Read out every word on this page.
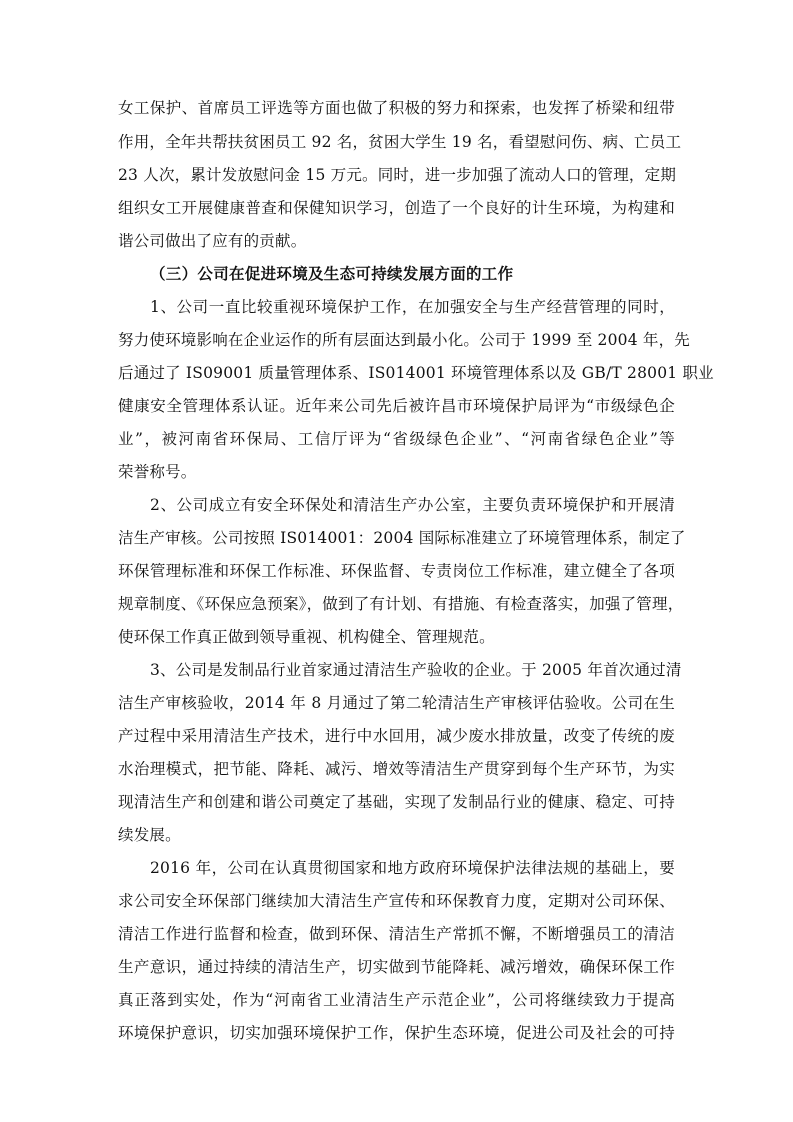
女工保护、首席员工评选等方面也做了积极的努力和探索，也发挥了桥梁和纽带
作用，全年共帮扶贫困员工 92 名，贫困大学生 19 名，看望慰问伤、病、亡员工
23 人次，累计发放慰问金 15 万元。同时，进一步加强了流动人口的管理，定期
组织女工开展健康普查和保健知识学习，创造了一个良好的计生环境，为构建和
谐公司做出了应有的贡献。
（三）公司在促进环境及生态可持续发展方面的工作
1、公司一直比较重视环境保护工作，在加强安全与生产经营管理的同时，
努力使环境影响在企业运作的所有层面达到最小化。公司于 1999 至 2004 年，先
后通过了 IS09001 质量管理体系、IS014001 环境管理体系以及 GB/T 28001 职业
健康安全管理体系认证。近年来公司先后被许昌市环境保护局评为“市级绿色企
业”，被河南省环保局、工信厅评为“省级绿色企业”、“河南省绿色企业”等
荣誉称号。
2、公司成立有安全环保处和清洁生产办公室，主要负责环境保护和开展清
洁生产审核。公司按照 IS014001：2004 国际标准建立了环境管理体系，制定了
环保管理标准和环保工作标准、环保监督、专责岗位工作标准，建立健全了各项
规章制度、《环保应急预案》，做到了有计划、有措施、有检查落实，加强了管理，
使环保工作真正做到领导重视、机构健全、管理规范。
3、公司是发制品行业首家通过清洁生产验收的企业。于 2005 年首次通过清
洁生产审核验收，2014 年 8 月通过了第二轮清洁生产审核评估验收。公司在生
产过程中采用清洁生产技术，进行中水回用，减少废水排放量，改变了传统的废
水治理模式，把节能、降耗、减污、增效等清洁生产贯穿到每个生产环节，为实
现清洁生产和创建和谐公司奠定了基础，实现了发制品行业的健康、稳定、可持
续发展。
2016 年，公司在认真贯彻国家和地方政府环境保护法律法规的基础上，要
求公司安全环保部门继续加大清洁生产宣传和环保教育力度，定期对公司环保、
清洁工作进行监督和检查，做到环保、清洁生产常抓不懈，不断增强员工的清洁
生产意识，通过持续的清洁生产，切实做到节能降耗、减污增效，确保环保工作
真正落到实处，作为“河南省工业清洁生产示范企业”，公司将继续致力于提高
环境保护意识，切实加强环境保护工作，保护生态环境，促进公司及社会的可持
